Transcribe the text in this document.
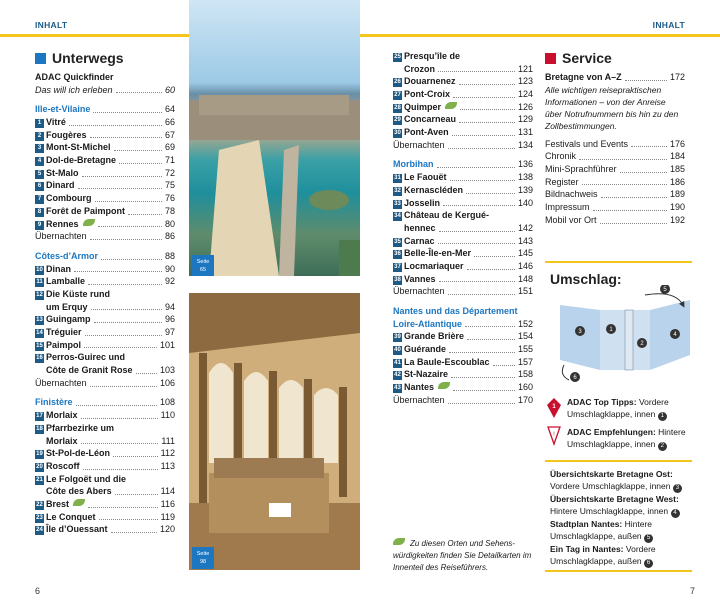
INHALT
Unterwegs
ADAC Quickfinder
Das will ich erleben	60
Ille-et-Vilaine	64
1 Vitré	66
2 Fougères	67
3 Mont-St-Michel	69
4 Dol-de-Bretagne	71
5 St-Malo	72
6 Dinard	75
7 Combourg	76
8 Forêt de Paimpont	78
9 Rennes	80
Übernachten	86
Côtes-d’Armor	88
10 Dinan	90
11 Lamballe	92
12 Die Küste rund
um Erquy	94
13 Guingamp	96
14 Tréguier	97
15 Paimpol	101
16 Perros-Guirec und
Côte de Granit Rose	103
Übernachten	106
Finistère	108
17 Morlaix	110
18 Pfarrbezirke um
Morlaix	111
19 St-Pol-de-Léon	112
20 Roscoff	113
21 Le Folgoët und die
Côte des Abers	114
22 Brest	116
23 Le Conquet	119
24 Île d’Ouessant	120
Seite
65
Seite
98
6
INHALT
25 Presqu’île de
Crozon	121
26 Douarnenez	123
27 Pont-Croix	124
28 Quimper	126
29 Concarneau	129
30 Pont-Aven	131
Übernachten	134
Morbihan	136
31 Le Faouët	138
32 Kernascléden	139
33 Josselin	140
34 Château de Kergué-
hennec	142
35 Carnac	143
36 Belle-Île-en-Mer	145
37 Locmariaquer	146
38 Vannes	148
Übernachten	151
Nantes und das Département
Loire-Atlantique	152
39 Grande Brière	154
40 Guérande	155
41 La Baule-Escoublac	157
42 St-Nazaire	158
43 Nantes	160
Übernachten	170
Zu diesen Orten und Sehens-würdigkeiten finden Sie Detailkarten im Innenteil des Reiseführers.
Service
Bretagne von A–Z	172
Alle wichtigen reisepraktischen Informationen – von der Anreise über Notrufnummern bis hin zu den Zollbestimmungen.
Festivals und Events	176
Chronik	184
Mini-Sprachführer	185
Register	186
Bildnachweis	189
Impressum	190
Mobil vor Ort	192
Umschlag:
1
2
3	4
5
6
1	ADAC Top Tipps: Vordere Umschlagklappe, innen 1
!	ADAC Empfehlungen: Hintere Umschlagklappe, innen 2
Übersichtskarte Bretagne Ost:
Vordere Umschlagklappe, innen 3
Übersichtskarte Bretagne West:
Hintere Umschlagklappe, innen 4
Stadtplan Nantes: Hintere Umschlagklappe, außen 5
Ein Tag in Nantes: Vordere Umschlagklappe, außen 6
7
